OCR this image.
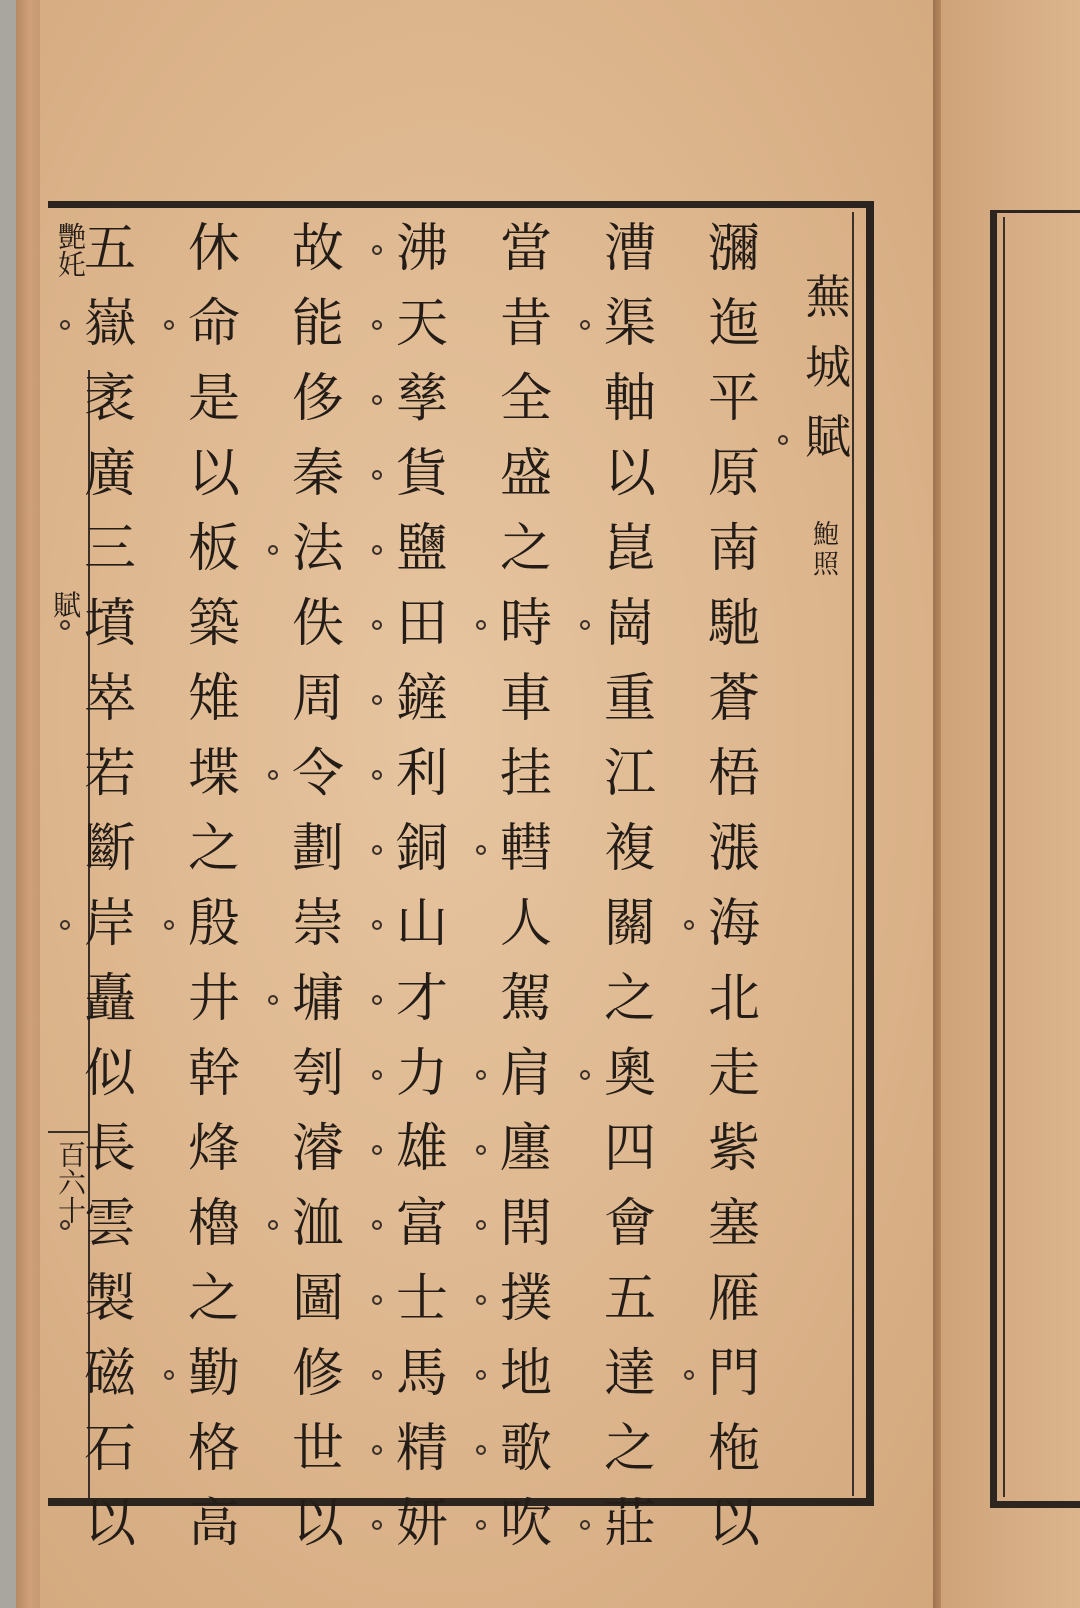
蕪
城
賦
鮑照
艷奼
賦
百六十
瀰
迤
平
原
南
馳
蒼
梧
漲
海
北
走
紫
塞
雁
門
柂
以
漕
渠
軸
以
崑
崗
重
江
複
關
之
奧
四
會
五
達
之
莊
當
昔
全
盛
之
時
車
挂
轊
人
駕
肩
廛
閈
撲
地
歌
吹
沸
天
孳
貨
鹽
田
鏟
利
銅
山
才
力
雄
富
士
馬
精
妍
故
能
侈
秦
法
佚
周
令
劃
崇
墉
刳
濬
洫
圖
修
世
以
休
命
是
以
板
築
雉
堞
之
殷
井
幹
烽
櫓
之
勤
格
高
五
嶽
袤
廣
三
墳
崒
若
斷
岸
矗
似
長
雲
製
磁
石
以
